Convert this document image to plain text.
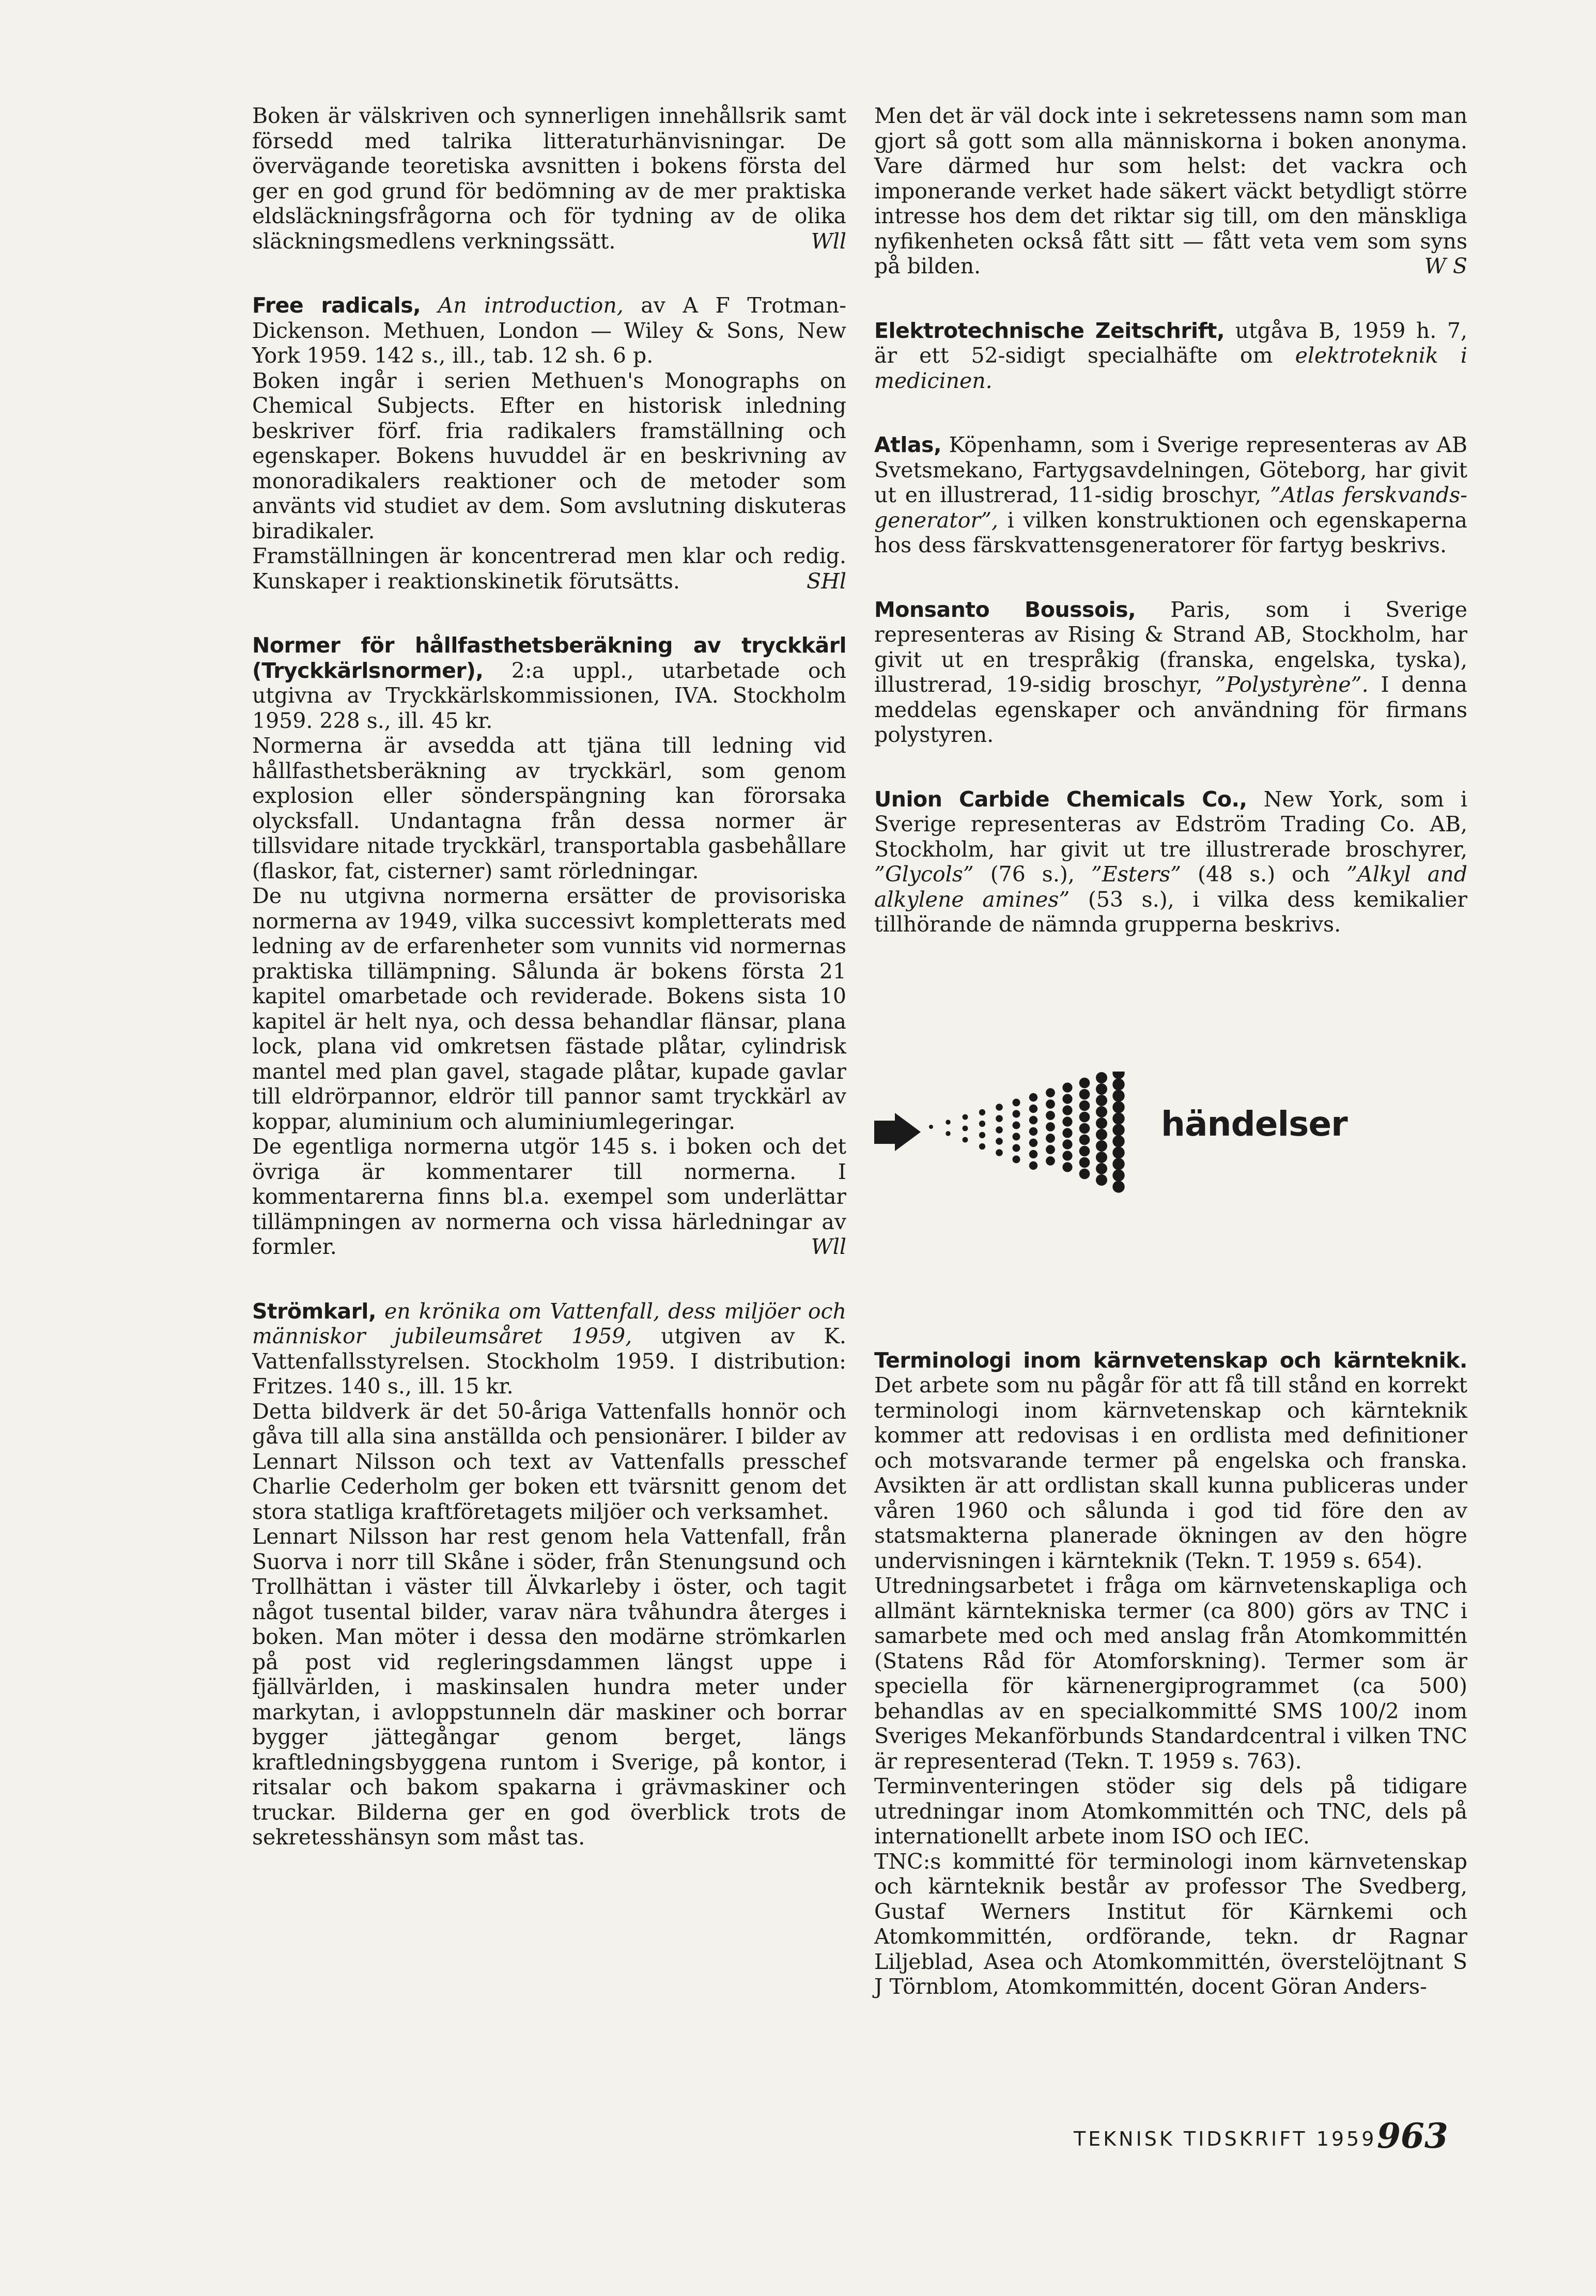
Boken är välskriven och synnerligen innehållsrik samt försedd med talrika litteraturhänvisningar. De övervägande teoretiska avsnitten i bokens första del ger en god grund för bedömning av de mer praktiska eldsläckningsfrågorna och för tydning av de olika släckningsmedlens verkningssätt.	Wll

Free radicals, An introduction, av A F Trotman-Dickenson. Methuen, London — Wiley & Sons, New York 1959. 142 s., ill., tab. 12 sh. 6 p.

Boken ingår i serien Methuen's Monographs on Chemical Subjects. Efter en historisk inledning beskriver förf. fria radikalers framställning och egenskaper. Bokens huvuddel är en beskrivning av monoradikalers reaktioner och de metoder som använts vid studiet av dem. Som avslutning diskuteras biradikaler.

Framställningen är koncentrerad men klar och redig. Kunskaper i reaktionskinetik förutsätts.	SHl

Normer för hållfasthetsberäkning av tryckkärl (Tryckkärlsnormer), 2:a uppl., utarbetade och utgivna av Tryckkärlskommissionen, IVA. Stockholm 1959. 228 s., ill. 45 kr.

Normerna är avsedda att tjäna till ledning vid hållfasthetsberäkning av tryckkärl, som genom explosion eller sönderspängning kan förorsaka olycksfall. Undantagna från dessa normer är tillsvidare nitade tryckkärl, transportabla gasbehållare (flaskor, fat, cisterner) samt rörledningar.

De nu utgivna normerna ersätter de provisoriska normerna av 1949, vilka successivt kompletterats med ledning av de erfarenheter som vunnits vid normernas praktiska tillämpning. Sålunda är bokens första 21 kapitel omarbetade och reviderade. Bokens sista 10 kapitel är helt nya, och dessa behandlar flänsar, plana lock, plana vid omkretsen fästade plåtar, cylindrisk mantel med plan gavel, stagade plåtar, kupade gavlar till eldrörpannor, eldrör till pannor samt tryckkärl av koppar, aluminium och aluminiumlegeringar.

De egentliga normerna utgör 145 s. i boken och det övriga är kommentarer till normerna. I kommentarerna finns bl.a. exempel som underlättar tillämpningen av normerna och vissa härledningar av formler.	Wll

Strömkarl, en krönika om Vattenfall, dess miljöer och människor jubileumsåret 1959, utgiven av K. Vattenfallsstyrelsen. Stockholm 1959. I distribution: Fritzes. 140 s., ill. 15 kr.

Detta bildverk är det 50-åriga Vattenfalls honnör och gåva till alla sina anställda och pensionärer. I bilder av Lennart Nilsson och text av Vattenfalls presschef Charlie Cederholm ger boken ett tvärsnitt genom det stora statliga kraftföretagets miljöer och verksamhet.

Lennart Nilsson har rest genom hela Vattenfall, från Suorva i norr till Skåne i söder, från Stenungsund och Trollhättan i väster till Älvkarleby i öster, och tagit något tusental bilder, varav nära tvåhundra återges i boken. Man möter i dessa den modärne strömkarlen på post vid regleringsdammen längst uppe i fjällvärlden, i maskinsalen hundra meter under markytan, i avloppstunneln där maskiner och borrar bygger jättegångar genom berget, längs kraftledningsbyggena runtom i Sverige, på kontor, i ritsalar och bakom spakarna i grävmaskiner och truckar. Bilderna ger en god överblick trots de sekretesshänsyn som måst tas.

Men det är väl dock inte i sekretessens namn som man gjort så gott som alla människorna i boken anonyma. Vare därmed hur som helst: det vackra och imponerande verket hade säkert väckt betydligt större intresse hos dem det riktar sig till, om den mänskliga nyfikenheten också fått sitt — fått veta vem som syns på bilden.	W S

Elektrotechnische Zeitschrift, utgåva B, 1959 h. 7, är ett 52-sidigt specialhäfte om elektroteknik i medicinen.

Atlas, Köpenhamn, som i Sverige representeras av AB Svetsmekano, Fartygsavdelningen, Göteborg, har givit ut en illustrerad, 11-sidig broschyr, ”Atlas ferskvands-generator”, i vilken konstruktionen och egenskaperna hos dess färskvattensgeneratorer för fartyg beskrivs.

Monsanto Boussois, Paris, som i Sverige representeras av Rising & Strand AB, Stockholm, har givit ut en trespråkig (franska, engelska, tyska), illustrerad, 19-sidig broschyr, ”Polystyrène”. I denna meddelas egenskaper och användning för firmans polystyren.

Union Carbide Chemicals Co., New York, som i Sverige representeras av Edström Trading Co. AB, Stockholm, har givit ut tre illustrerade broschyrer, ”Glycols” (76 s.), ”Esters” (48 s.) och ”Alkyl and alkylene amines” (53 s.), i vilka dess kemikalier tillhörande de nämnda grupperna beskrivs.

händelser

Terminologi inom kärnvetenskap och kärnteknik. Det arbete som nu pågår för att få till stånd en korrekt terminologi inom kärnvetenskap och kärnteknik kommer att redovisas i en ordlista med definitioner och motsvarande termer på engelska och franska. Avsikten är att ordlistan skall kunna publiceras under våren 1960 och sålunda i god tid före den av statsmakterna planerade ökningen av den högre undervisningen i kärnteknik (Tekn. T. 1959 s. 654).

Utredningsarbetet i fråga om kärnvetenskapliga och allmänt kärntekniska termer (ca 800) görs av TNC i samarbete med och med anslag från Atomkommittén (Statens Råd för Atomforskning). Termer som är speciella för kärnenergiprogrammet (ca 500) behandlas av en specialkommitté SMS 100/2 inom Sveriges Mekanförbunds Standardcentral i vilken TNC är representerad (Tekn. T. 1959 s. 763).

Terminventeringen stöder sig dels på tidigare utredningar inom Atomkommittén och TNC, dels på internationellt arbete inom ISO och IEC.

TNC:s kommitté för terminologi inom kärnvetenskap och kärnteknik består av professor The Svedberg, Gustaf Werners Institut för Kärnkemi och Atomkommittén, ordförande, tekn. dr Ragnar Liljeblad, Asea och Atomkommittén, överstelöjtnant S J Törnblom, Atomkommittén, docent Göran Anders-

TEKNISK TIDSKRIFT 1959 963
